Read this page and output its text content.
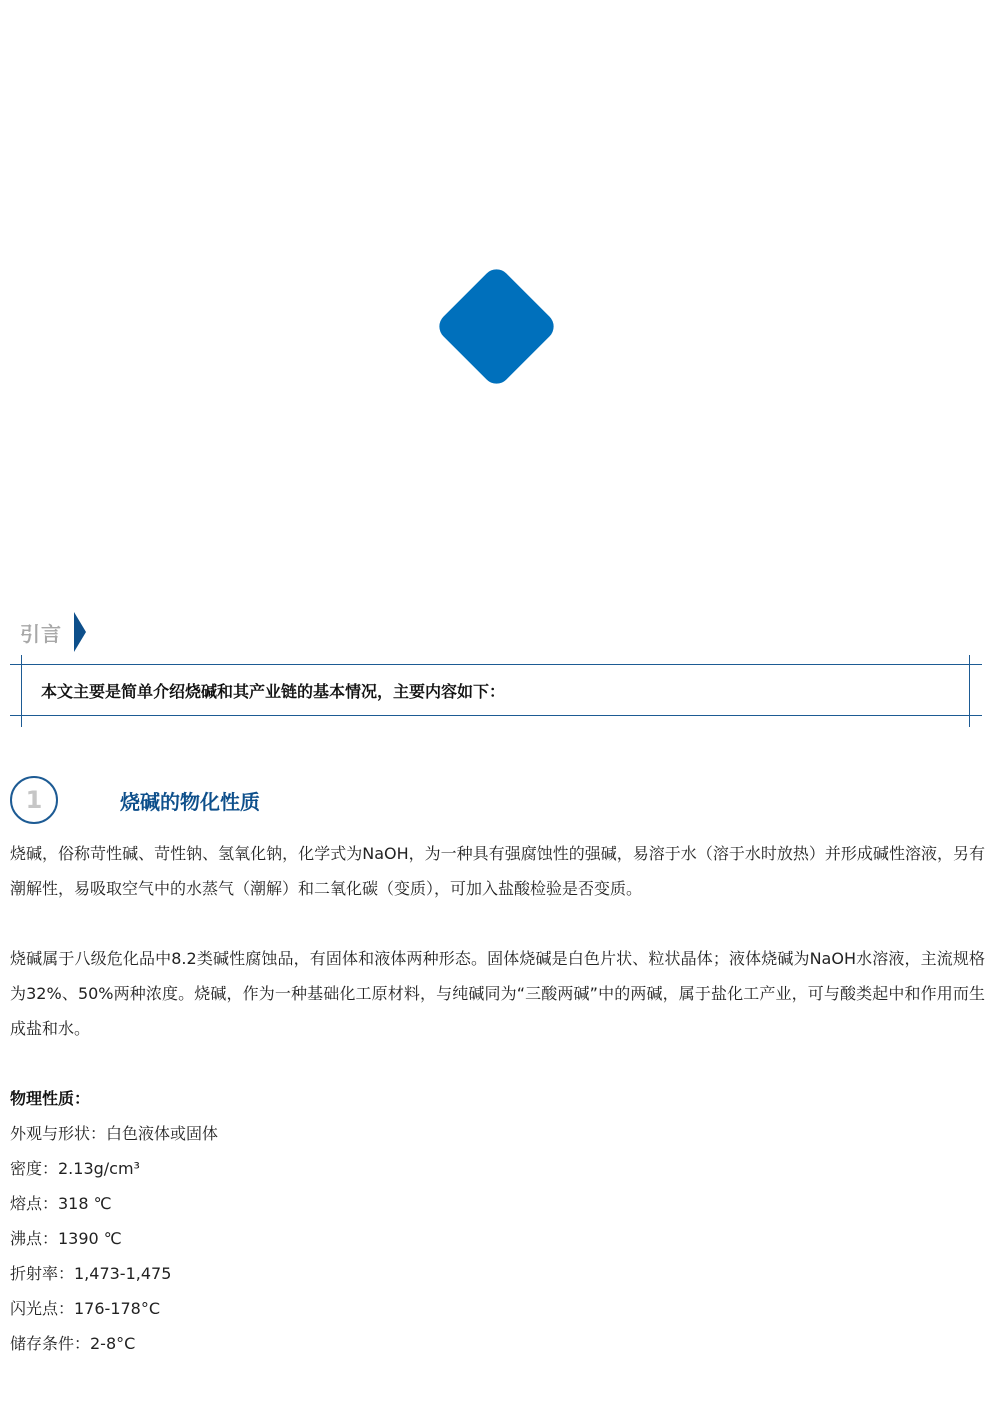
引言
本文主要是简单介绍烧碱和其产业链的基本情况，主要内容如下：
1	烧碱的物化性质

烧碱，俗称苛性碱、苛性钠、氢氧化钠，化学式为NaOH，为一种具有强腐蚀性的强碱，易溶于水（溶于水时放热）并形成碱性溶液，另有潮解性，易吸取空气中的水蒸气（潮解）和二氧化碳（变质），可加入盐酸检验是否变质。

烧碱属于八级危化品中8.2类碱性腐蚀品，有固体和液体两种形态。固体烧碱是白色片状、粒状晶体；液体烧碱为NaOH水溶液，主流规格为32%、50%两种浓度。烧碱，作为一种基础化工原材料，与纯碱同为“三酸两碱”中的两碱，属于盐化工产业，可与酸类起中和作用而生成盐和水。

物理性质：
外观与形状：白色液体或固体
密度：2.13g/cm³
熔点：318 ℃
沸点：1390 ℃
折射率：1,473-1,475
闪光点：176-178°C
储存条件：2-8°C
